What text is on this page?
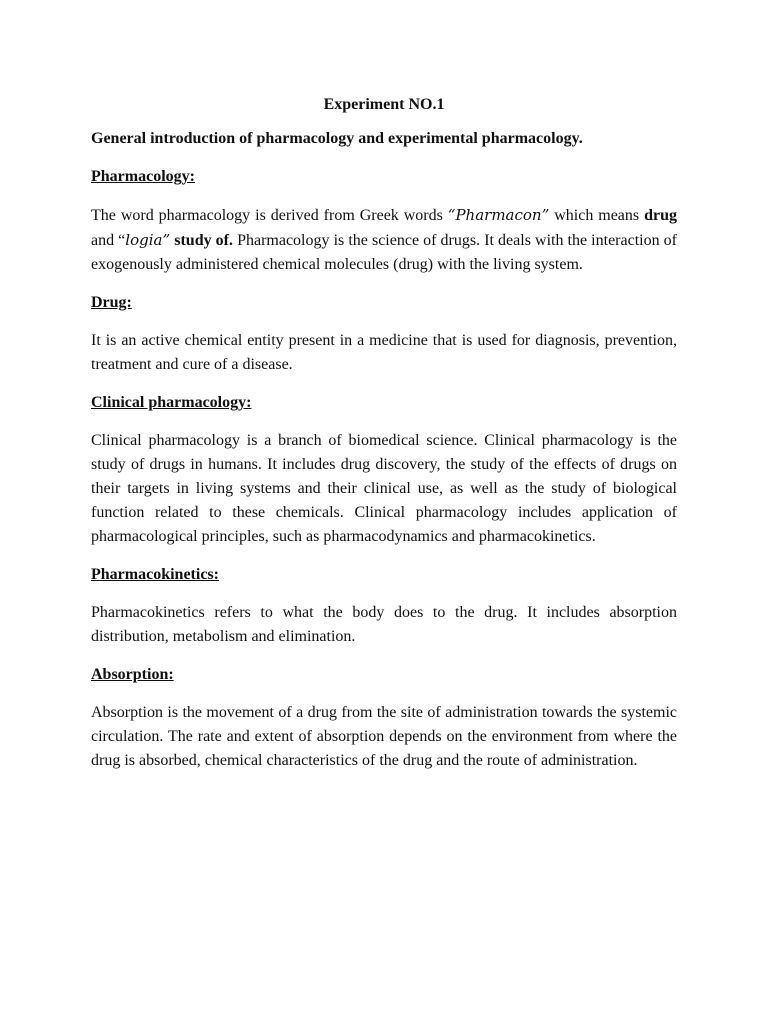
Experiment NO.1
General introduction of pharmacology and experimental pharmacology.
Pharmacology:

The word pharmacology is derived from Greek words “Pharmacon” which means drug and “logia” study of. Pharmacology is the science of drugs. It deals with the interaction of exogenously administered chemical molecules (drug) with the living system.

Drug:

It is an active chemical entity present in a medicine that is used for diagnosis, prevention, treatment and cure of a disease.

Clinical pharmacology:

Clinical pharmacology is a branch of biomedical science. Clinical pharmacology is the study of drugs in humans. It includes drug discovery, the study of the effects of drugs on their targets in living systems and their clinical use, as well as the study of biological function related to these chemicals. Clinical pharmacology includes application of pharmacological principles, such as pharmacodynamics and pharmacokinetics.

Pharmacokinetics:

Pharmacokinetics refers to what the body does to the drug. It includes absorption distribution, metabolism and elimination.

Absorption:

Absorption is the movement of a drug from the site of administration towards the systemic circulation. The rate and extent of absorption depends on the environment from where the drug is absorbed, chemical characteristics of the drug and the route of administration.
